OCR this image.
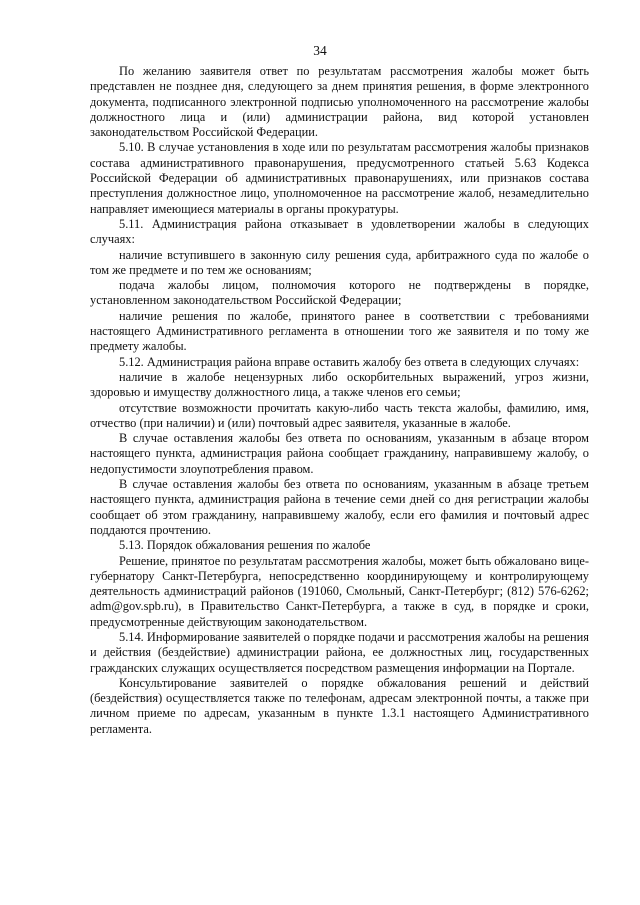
34

По желанию заявителя ответ по результатам рассмотрения жалобы может быть представлен не позднее дня, следующего за днем принятия решения, в форме электронного документа, подписанного электронной подписью уполномоченного на рассмотрение жалобы должностного лица и (или) администрации района, вид которой установлен законодательством Российской Федерации.

5.10. В случае установления в ходе или по результатам рассмотрения жалобы признаков состава административного правонарушения, предусмотренного статьей 5.63 Кодекса Российской Федерации об административных правонарушениях, или признаков состава преступления должностное лицо, уполномоченное на рассмотрение жалоб, незамедлительно направляет имеющиеся материалы в органы прокуратуры.

5.11. Администрация района отказывает в удовлетворении жалобы в следующих случаях:

наличие вступившего в законную силу решения суда, арбитражного суда по жалобе о том же предмете и по тем же основаниям;

подача жалобы лицом, полномочия которого не подтверждены в порядке, установленном законодательством Российской Федерации;

наличие решения по жалобе, принятого ранее в соответствии с требованиями настоящего Административного регламента в отношении того же заявителя и по тому же предмету жалобы.

5.12. Администрация района вправе оставить жалобу без ответа в следующих случаях:

наличие в жалобе нецензурных либо оскорбительных выражений, угроз жизни, здоровью и имуществу должностного лица, а также членов его семьи;

отсутствие возможности прочитать какую-либо часть текста жалобы, фамилию, имя, отчество (при наличии) и (или) почтовый адрес заявителя, указанные в жалобе.

В случае оставления жалобы без ответа по основаниям, указанным в абзаце втором настоящего пункта, администрация района сообщает гражданину, направившему жалобу, о недопустимости злоупотребления правом.

В случае оставления жалобы без ответа по основаниям, указанным в абзаце третьем настоящего пункта, администрация района в течение семи дней со дня регистрации жалобы сообщает об этом гражданину, направившему жалобу, если его фамилия и почтовый адрес поддаются прочтению.

5.13. Порядок обжалования решения по жалобе

Решение, принятое по результатам рассмотрения жалобы, может быть обжаловано вице-губернатору Санкт-Петербурга, непосредственно координирующему и контролирующему деятельность администраций районов (191060, Смольный, Санкт-Петербург; (812) 576-6262; adm@gov.spb.ru), в Правительство Санкт-Петербурга, а также в суд, в порядке и сроки, предусмотренные действующим законодательством.

5.14. Информирование заявителей о порядке подачи и рассмотрения жалобы на решения и действия (бездействие) администрации района, ее должностных лиц, государственных гражданских служащих осуществляется посредством размещения информации на Портале.

Консультирование заявителей о порядке обжалования решений и действий (бездействия) осуществляется также по телефонам, адресам электронной почты, а также при личном приеме по адресам, указанным в пункте 1.3.1 настоящего Административного регламента.
